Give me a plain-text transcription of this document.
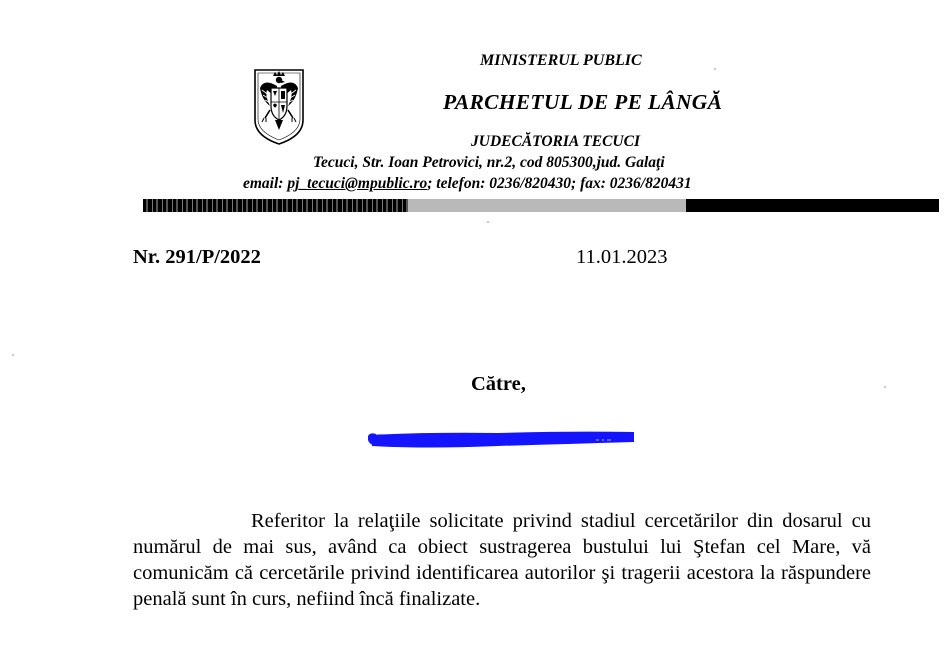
MINISTERUL PUBLIC
PARCHETUL DE PE LÂNGĂ
JUDECĂTORIA TECUCI
Tecuci, Str. Ioan Petrovici, nr.2, cod 805300,jud. Galaţi
email: pj_tecuci@mpublic.ro; telefon: 0236/820430; fax: 0236/820431
Nr. 291/P/2022	11.01.2023
Către,

Referitor la relaţiile solicitate privind stadiul cercetărilor din dosarul cu numărul de mai sus, având ca obiect sustragerea bustului lui Ştefan cel Mare, vă comunicăm că cercetările privind identificarea autorilor şi tragerii acestora la răspundere penală sunt în curs, nefiind încă finalizate.
